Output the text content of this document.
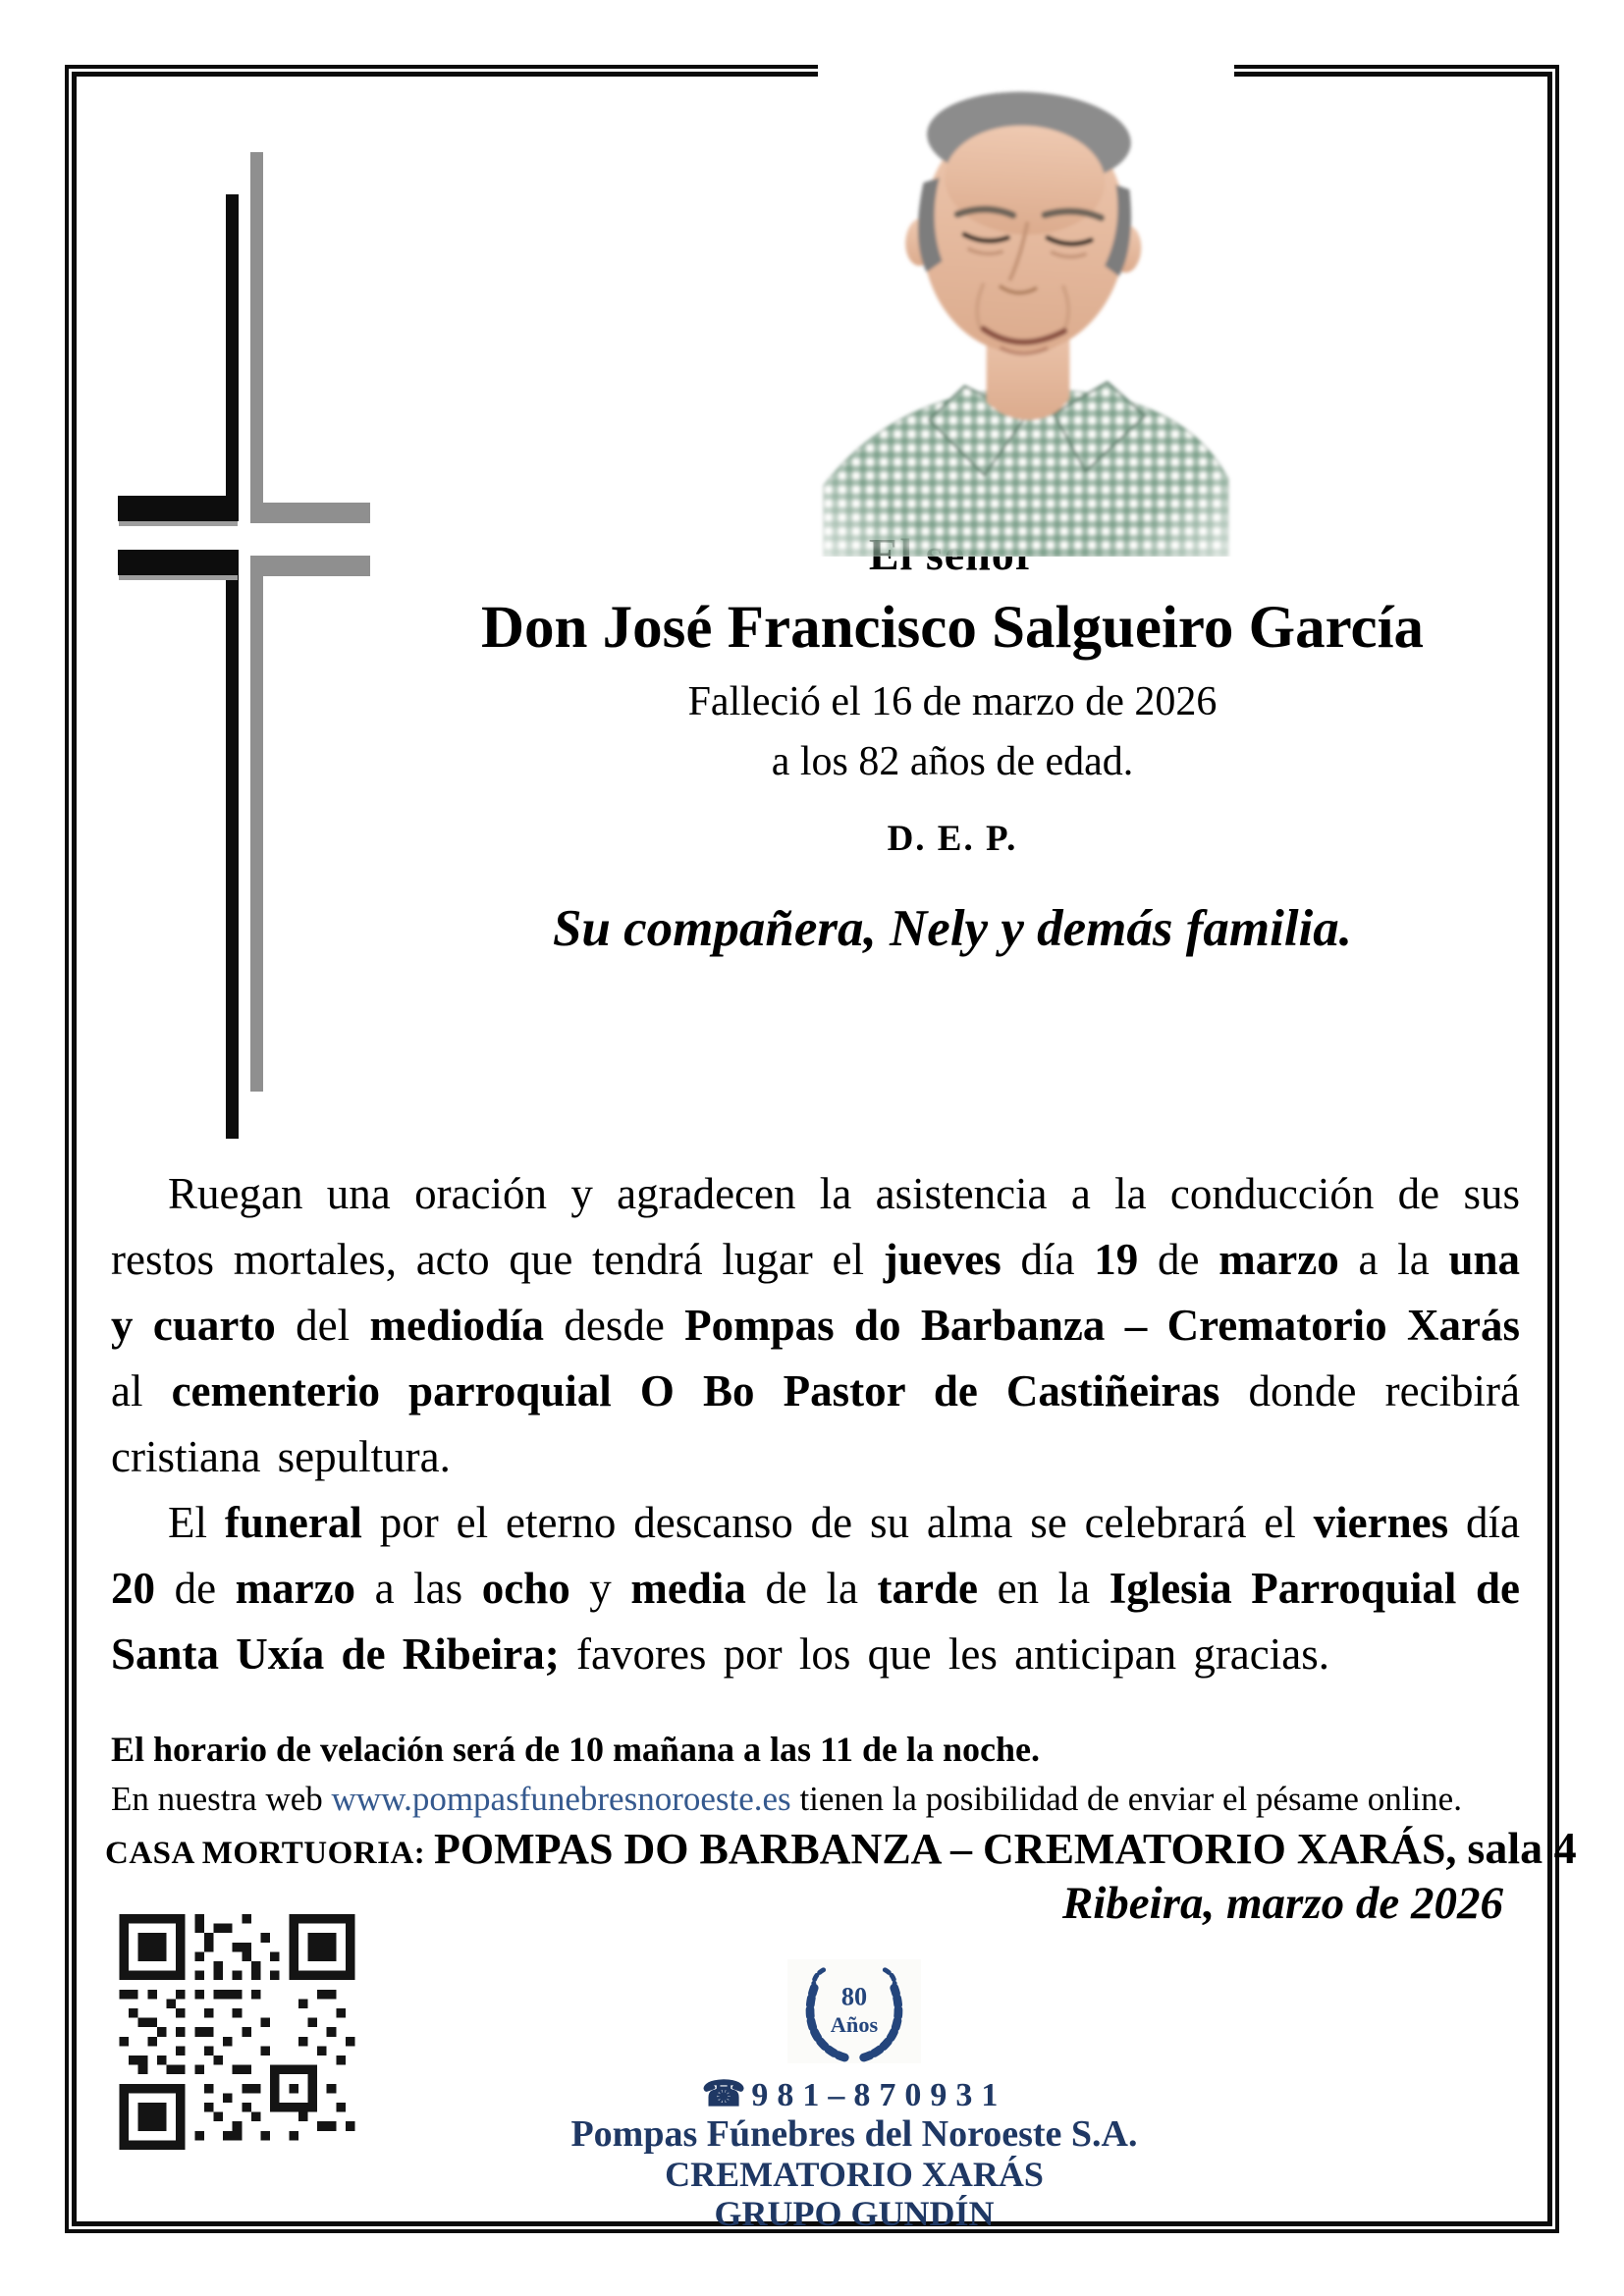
Don José Francisco Salgueiro García
Falleció el 16 de marzo de 2026
a los 82 años de edad.
D. E. P.
Su compañera, Nely y demás familia.

Ruegan una oración y agradecen la asistencia a la conducción de sus restos mortales, acto que tendrá lugar el jueves día 19 de marzo a la una y cuarto del mediodía desde Pompas do Barbanza – Crematorio Xarás al cementerio parroquial O Bo Pastor de Castiñeiras donde recibirá cristiana sepultura.

El funeral por el eterno descanso de su alma se celebrará el viernes día 20 de marzo a las ocho y media de la tarde en la Iglesia Parroquial de Santa Uxía de Ribeira; favores por los que les anticipan gracias.

El horario de velación será de 10 mañana a las 11 de la noche.
En nuestra web www.pompasfunebresnoroeste.es tienen la posibilidad de enviar el pésame online.
CASA MORTUORIA: POMPAS DO BARBANZA – CREMATORIO XARÁS, sala 4
Ribeira, marzo de 2026
80
Años
☎ 981–870931
Pompas Fúnebres del Noroeste S.A.
CREMATORIO XARÁS
GRUPO GUNDÍN
